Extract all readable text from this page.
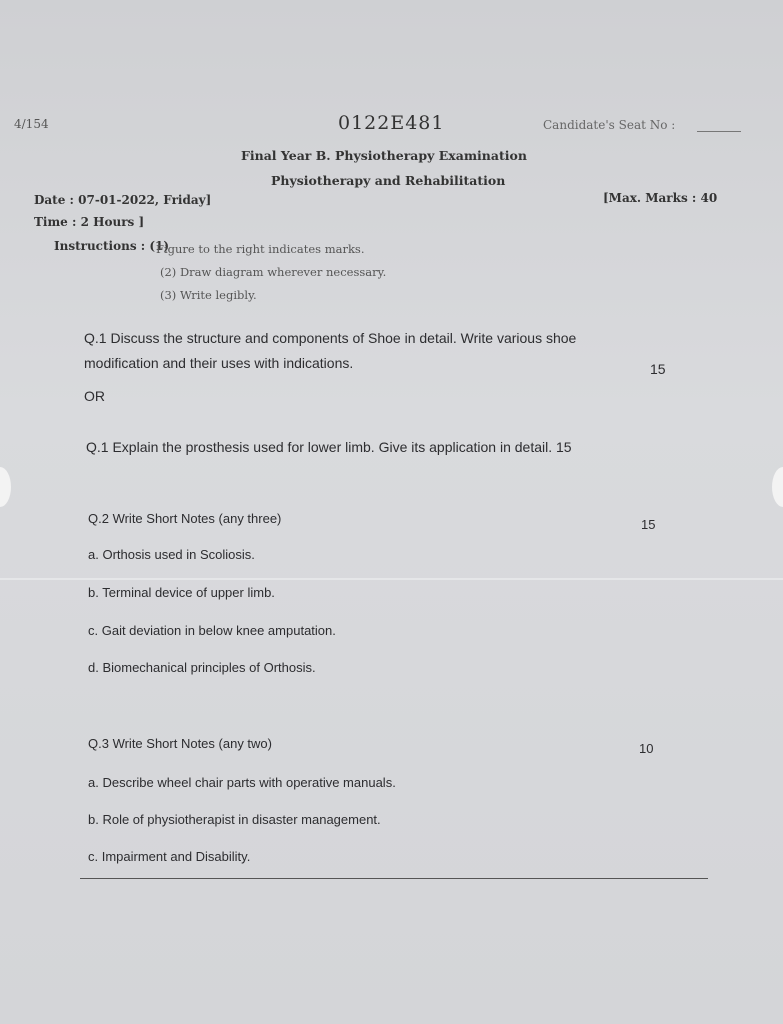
4/154	0122E481	Candidate's Seat No :
Final Year B. Physiotherapy Examination
Physiotherapy and Rehabilitation
Date : 07-01-2022, Friday]	[Max. Marks : 40
Time : 2 Hours ]
Instructions : (1)
Figure to the right indicates marks.
(2) Draw diagram wherever necessary.
(3) Write legibly.
Q.1 Discuss the structure and components of Shoe in detail. Write various shoe
modification and their uses with indications.	15
OR
Q.1 Explain the prosthesis used for lower limb. Give its application in detail. 15
Q.2 Write Short Notes (any three)	15
a. Orthosis used in Scoliosis.
b. Terminal device of upper limb.
c. Gait deviation in below knee amputation.
d. Biomechanical principles of Orthosis.
Q.3 Write Short Notes (any two)	10
a. Describe wheel chair parts with operative manuals.
b. Role of physiotherapist in disaster management.
c. Impairment and Disability.
